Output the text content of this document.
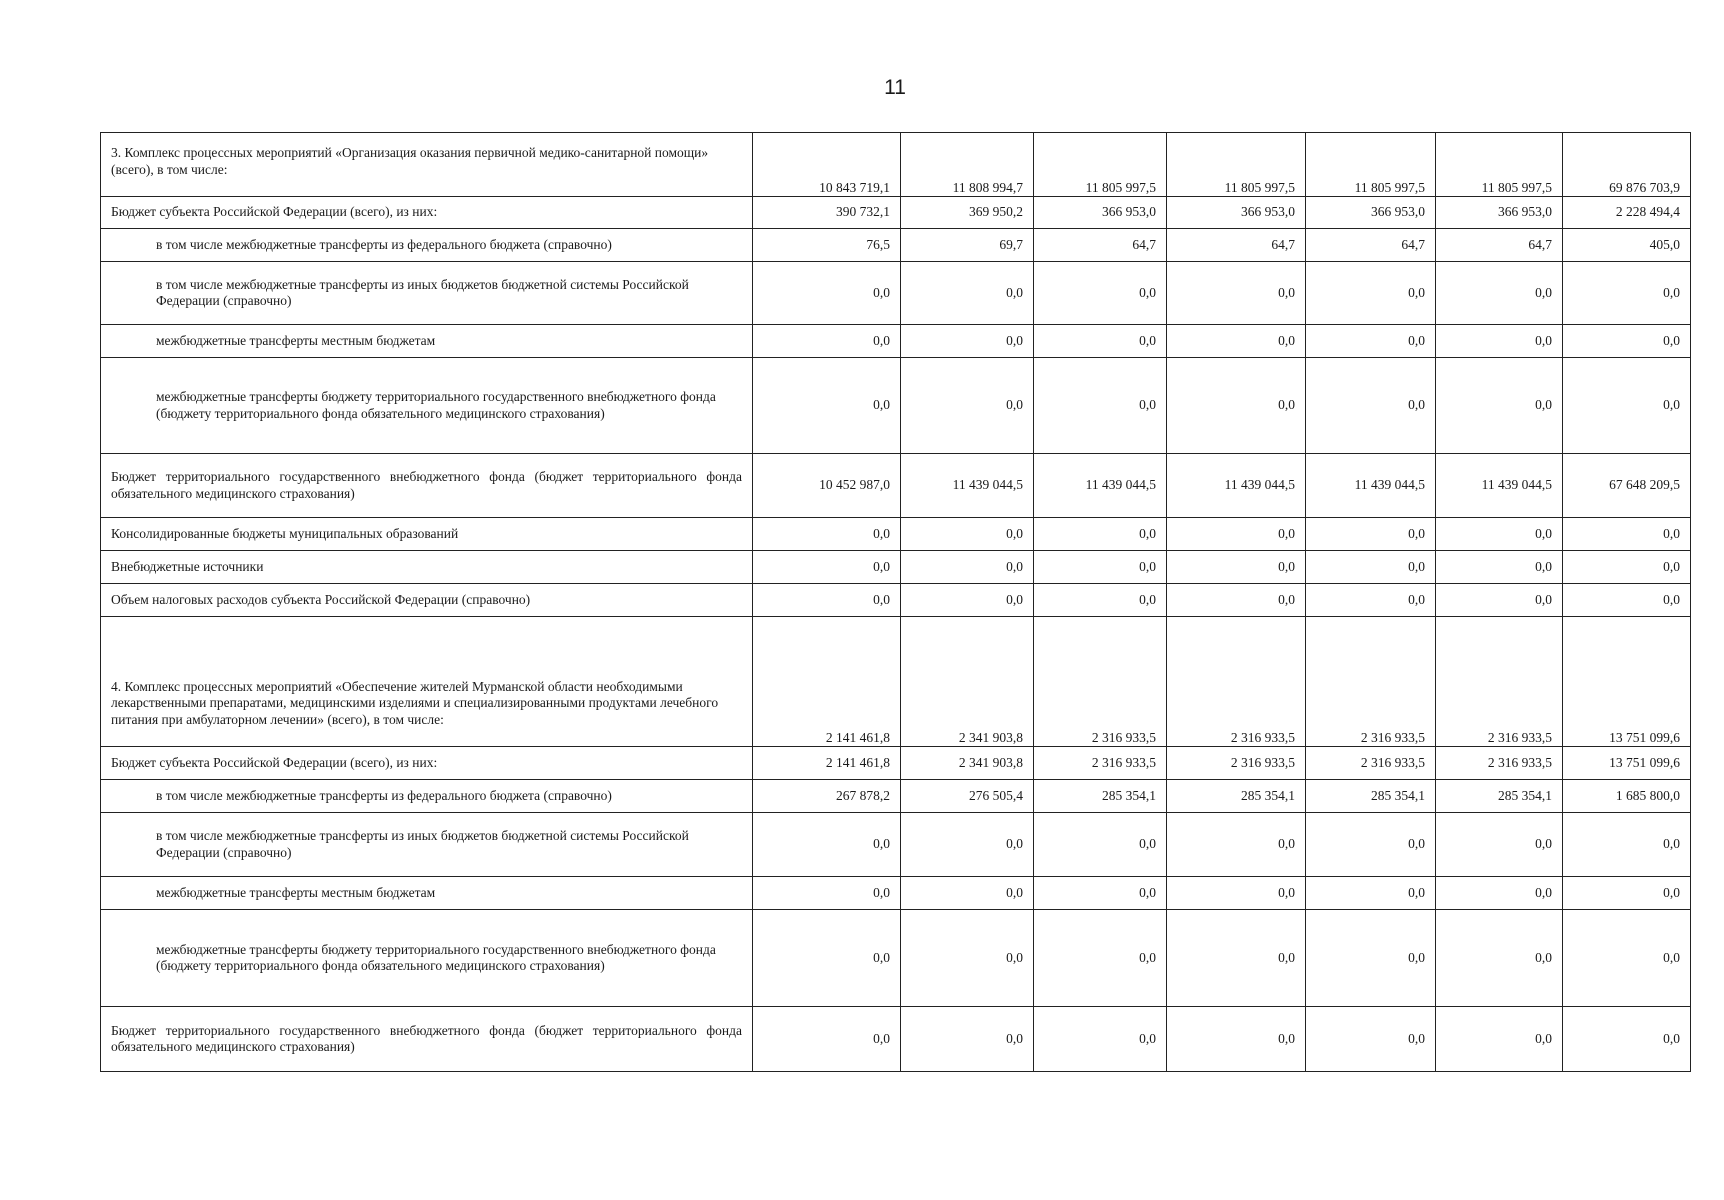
11
3. Комплекс процессных мероприятий «Организация оказания первичной медико-санитарной помощи» (всего), в том числе:	10 843 719,1	11 808 994,7	11 805 997,5	11 805 997,5	11 805 997,5	11 805 997,5	69 876 703,9
Бюджет субъекта Российской Федерации (всего), из них:	390 732,1	369 950,2	366 953,0	366 953,0	366 953,0	366 953,0	2 228 494,4
в том числе межбюджетные трансферты из федерального бюджета (справочно)	76,5	69,7	64,7	64,7	64,7	64,7	405,0
в том числе межбюджетные трансферты из иных бюджетов бюджетной системы Российской Федерации (справочно)	0,0	0,0	0,0	0,0	0,0	0,0	0,0
межбюджетные трансферты местным бюджетам	0,0	0,0	0,0	0,0	0,0	0,0	0,0
межбюджетные трансферты бюджету территориального государственного внебюджетного фонда (бюджету территориального фонда обязательного медицинского страхования)	0,0	0,0	0,0	0,0	0,0	0,0	0,0
Бюджет территориального государственного внебюджетного фонда (бюджет территориального фонда обязательного медицинского страхования)	10 452 987,0	11 439 044,5	11 439 044,5	11 439 044,5	11 439 044,5	11 439 044,5	67 648 209,5
Консолидированные бюджеты муниципальных образований	0,0	0,0	0,0	0,0	0,0	0,0	0,0
Внебюджетные источники	0,0	0,0	0,0	0,0	0,0	0,0	0,0
Объем налоговых расходов субъекта Российской Федерации (справочно)	0,0	0,0	0,0	0,0	0,0	0,0	0,0
4. Комплекс процессных мероприятий «Обеспечение жителей Мурманской области необходимыми лекарственными препаратами, медицинскими изделиями и специализированными продуктами лечебного питания при амбулаторном лечении» (всего), в том числе:	2 141 461,8	2 341 903,8	2 316 933,5	2 316 933,5	2 316 933,5	2 316 933,5	13 751 099,6
Бюджет субъекта Российской Федерации (всего), из них:	2 141 461,8	2 341 903,8	2 316 933,5	2 316 933,5	2 316 933,5	2 316 933,5	13 751 099,6
в том числе межбюджетные трансферты из федерального бюджета (справочно)	267 878,2	276 505,4	285 354,1	285 354,1	285 354,1	285 354,1	1 685 800,0
в том числе межбюджетные трансферты из иных бюджетов бюджетной системы Российской Федерации (справочно)	0,0	0,0	0,0	0,0	0,0	0,0	0,0
межбюджетные трансферты местным бюджетам	0,0	0,0	0,0	0,0	0,0	0,0	0,0
межбюджетные трансферты бюджету территориального государственного внебюджетного фонда (бюджету территориального фонда обязательного медицинского страхования)	0,0	0,0	0,0	0,0	0,0	0,0	0,0
Бюджет территориального государственного внебюджетного фонда (бюджет территориального фонда обязательного медицинского страхования)	0,0	0,0	0,0	0,0	0,0	0,0	0,0
